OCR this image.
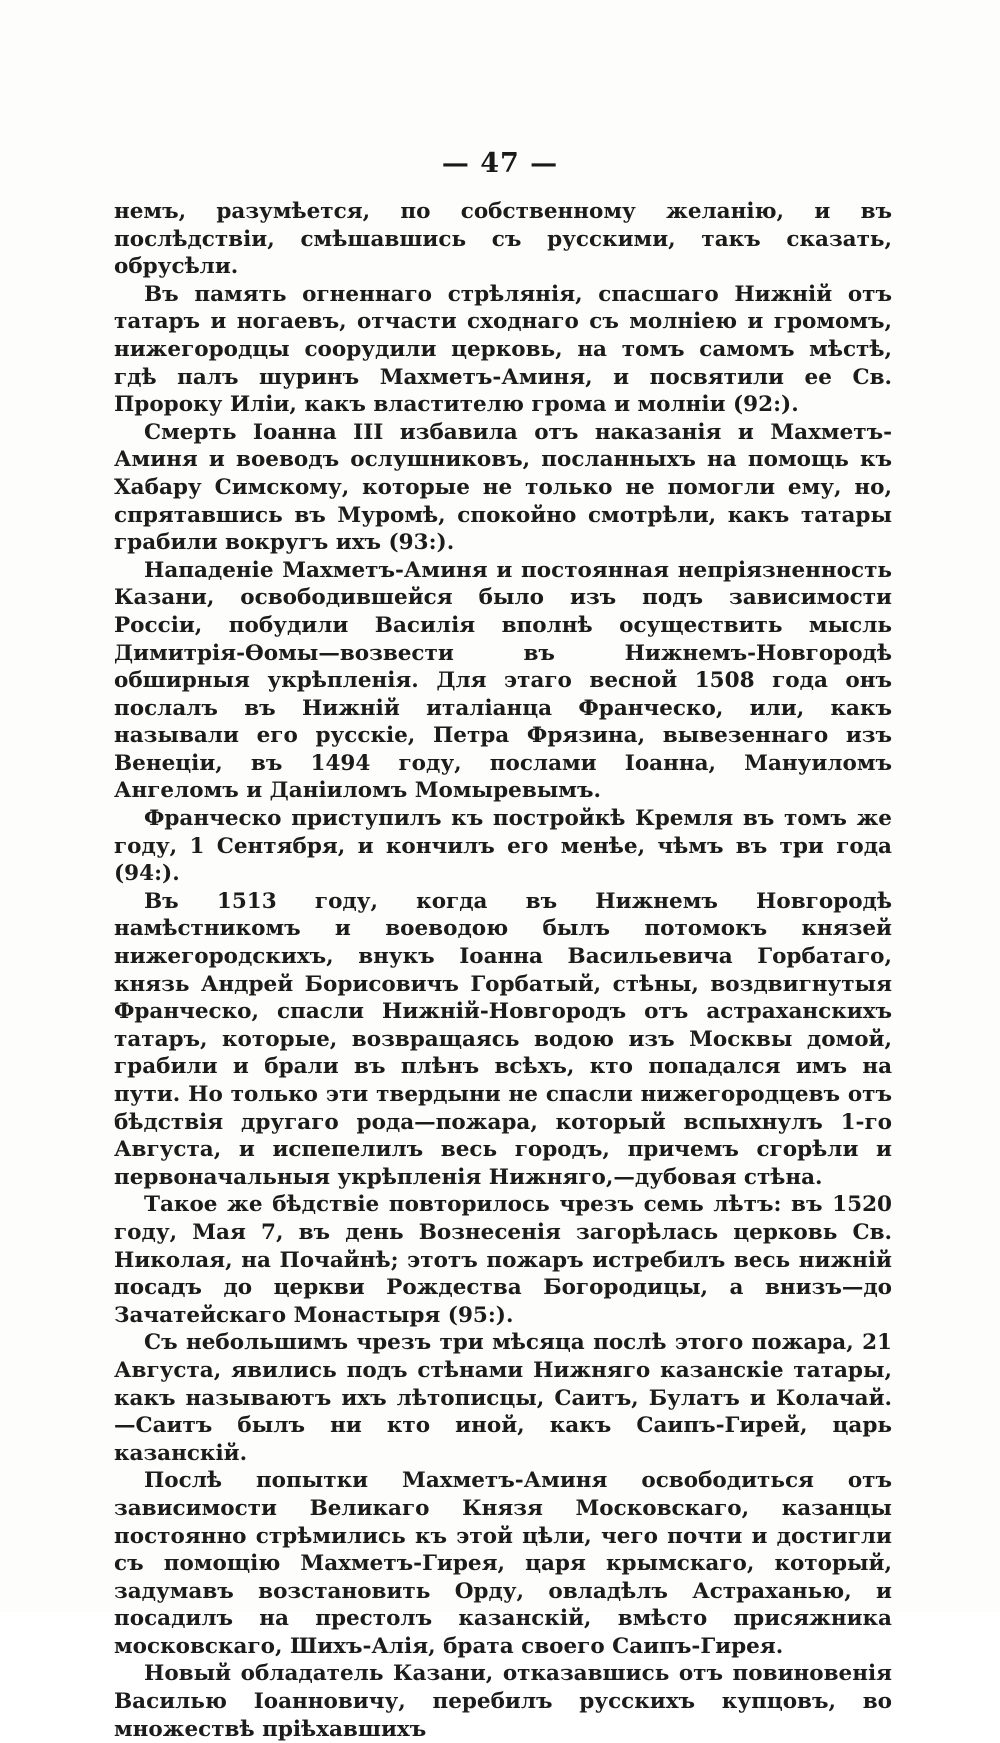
— 47 —

немъ, разумѣется, по собственному желанію, и въ послѣдствіи, смѣшавшись съ русскими, такъ сказать, обрусѣли.

Въ память огненнаго стрѣлянія, спасшаго Нижній отъ татаръ и ногаевъ, отчасти сходнаго съ молніею и громомъ, нижегородцы соорудили церковь, на томъ самомъ мѣстѣ, гдѣ палъ шуринъ Махметъ-Аминя, и посвятили ее Св. Пророку Иліи, какъ властителю грома и молніи (92:).

Смерть Іоанна III избавила отъ наказанія и Махметъ-Аминя и воеводъ ослушниковъ, посланныхъ на помощь къ Хабару Симскому, которые не только не помогли ему, но, спрятавшись въ Муромѣ, спокойно смотрѣли, какъ татары грабили вокругъ ихъ (93:).

Нападеніе Махметъ-Аминя и постоянная непріязненность Казани, освободившейся было изъ подъ зависимости Россіи, побудили Василія вполнѣ осуществить мысль Димитрія-Ѳомы—возвести въ Нижнемъ-Новгородѣ обширныя укрѣпленія. Для этаго весной 1508 года онъ послалъ въ Нижній италіанца Франческо, или, какъ называли его русскіе, Петра Фрязина, вывезеннаго изъ Венеціи, въ 1494 году, послами Іоанна, Мануиломъ Ангеломъ и Даніиломъ Момыревымъ.

Франческо приступилъ къ постройкѣ Кремля въ томъ же году, 1 Сентября, и кончилъ его менѣе, чѣмъ въ три года (94:).

Въ 1513 году, когда въ Нижнемъ Новгородѣ намѣстникомъ и воеводою былъ потомокъ князей нижегородскихъ, внукъ Іоанна Васильевича Горбатаго, князь Андрей Борисовичъ Горбатый, стѣны, воздвигнутыя Франческо, спасли Нижній-Новгородъ отъ астраханскихъ татаръ, которые, возвращаясь водою изъ Москвы домой, грабили и брали въ плѣнъ всѣхъ, кто попадался имъ на пути. Но только эти твердыни не спасли нижегородцевъ отъ бѣдствія другаго рода—пожара, который вспыхнулъ 1-го Августа, и испепелилъ весь городъ, причемъ сгорѣли и первоначальныя укрѣпленія Нижняго,—дубовая стѣна.

Такое же бѣдствіе повторилось чрезъ семь лѣтъ: въ 1520 году, Мая 7, въ день Вознесенія загорѣлась церковь Св. Николая, на Почайнѣ; этотъ пожаръ истребилъ весь нижній посадъ до церкви Рождества Богородицы, а внизъ—до Зачатейскаго Монастыря (95:).

Съ небольшимъ чрезъ три мѣсяца послѣ этого пожара, 21 Августа, явились подъ стѣнами Нижняго казанскіе татары, какъ называютъ ихъ лѣтописцы, Саитъ, Булатъ и Колачай.—Саитъ былъ ни кто иной, какъ Саипъ-Гирей, царь казанскій.

Послѣ попытки Махметъ-Аминя освободиться отъ зависимости Великаго Князя Московскаго, казанцы постоянно стрѣмились къ этой цѣли, чего почти и достигли съ помощію Махметъ-Гирея, царя крымскаго, который, задумавъ возстановить Орду, овладѣлъ Астраханью, и посадилъ на престолъ казанскій, вмѣсто присяжника московскаго, Шихъ-Алія, брата своего Саипъ-Гирея.

Новый обладатель Казани, отказавшись отъ повиновенія Василью Іоанновичу, перебилъ русскихъ купцовъ, во множествѣ пріѣхавшихъ
